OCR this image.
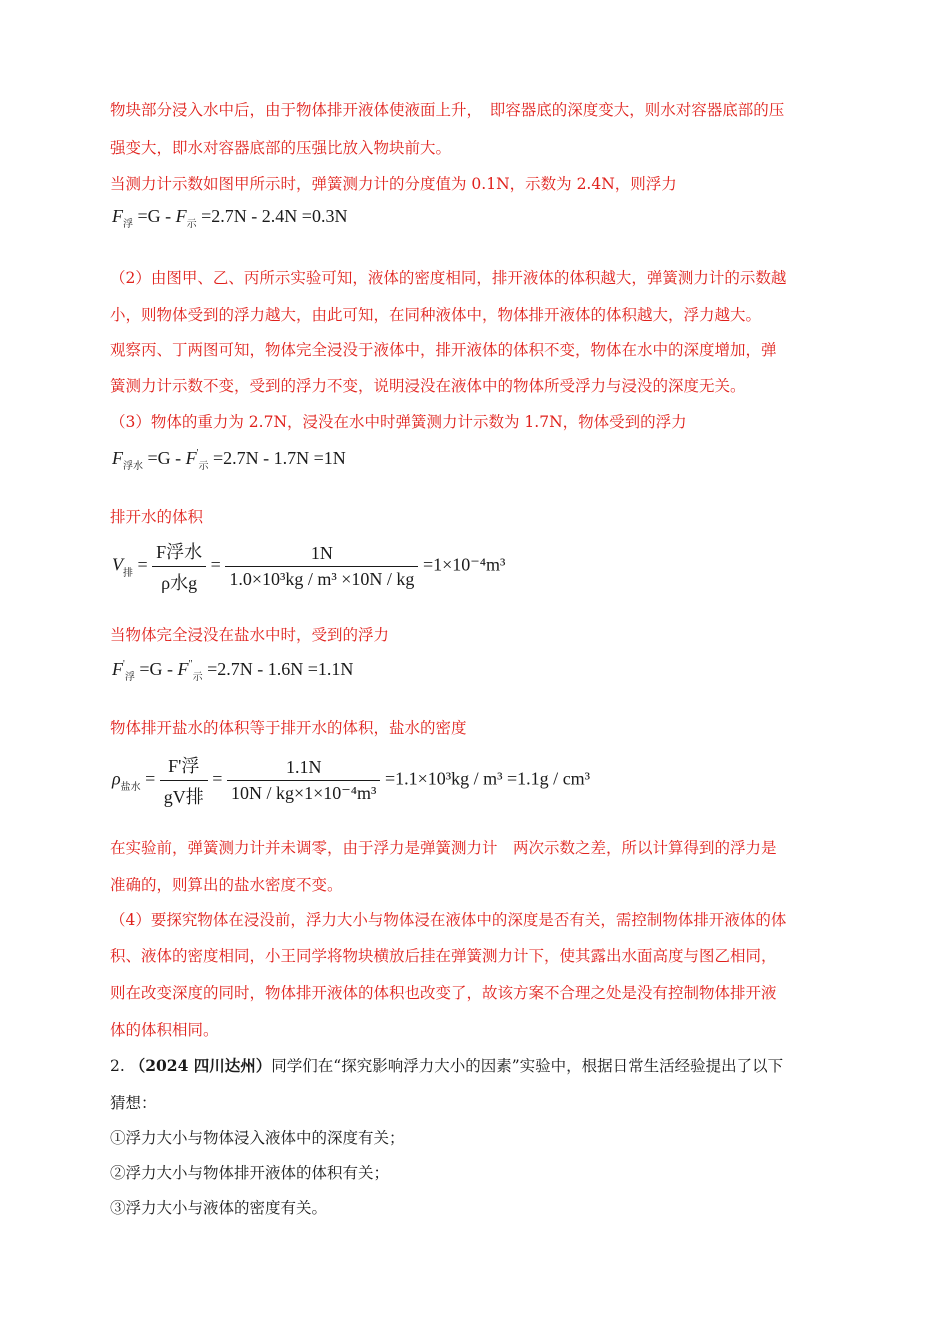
物块部分浸入水中后，由于物体排开液体使液面上升，　即容器底的深度变大，则水对容器底部的压
强变大，即水对容器底部的压强比放入物块前大。
当测力计示数如图甲所示时，弹簧测力计的分度值为 0.1N，示数为 2.4N，则浮力
$F_浮 =G - F_示 =2.7N - 2.4N =0.3N$
（2）由图甲、乙、丙所示实验可知，液体的密度相同，排开液体的体积越大，弹簧测力计的示数越
小，则物体受到的浮力越大，由此可知，在同种液体中，物体排开液体的体积越大，浮力越大。
观察丙、丁两图可知，物体完全浸没于液体中，排开液体的体积不变，物体在水中的深度增加，弹
簧测力计示数不变，受到的浮力不变，说明浸没在液体中的物体所受浮力与浸没的深度无关。
（3）物体的重力为 2.7N，浸没在水中时弹簧测力计示数为 1.7N，物体受到的浮力
$F_{浮水} =G - F'_示 =2.7N - 1.7N =1N$
排开水的体积
$V_排 = \frac{\text{F浮水}}{\text{ρ水g}} = \frac{1N}{\text{1.0×10³kg / m³ ×10N / kg}} =1\times 10^{-4}m^3$
当物体完全浸没在盐水中时，受到的浮力
$F'_浮 =G - F^"_示 =2.7N - 1.6N =1.1N$
物体排开盐水的体积等于排开水的体积，盐水的密度
$\rho_{盐水} = \frac{\text{F'浮}}{\text{gV排}} = \frac{1.1N}{\text{10N / kg×1×10⁻⁴m³}} =1.1\times 10^3kg / m^3 =1.1g / cm^3$
在实验前，弹簧测力计并未调零，由于浮力是弹簧测力计　两次示数之差，所以计算得到的浮力是
准确的，则算出的盐水密度不变。
（4）要探究物体在浸没前，浮力大小与物体浸在液体中的深度是否有关，需控制物体排开液体的体
积、液体的密度相同，小王同学将物块横放后挂在弹簧测力计下，使其露出水面高度与图乙相同，
则在改变深度的同时，物体排开液体的体积也改变了，故该方案不合理之处是没有控制物体排开液
体的体积相同。
2. （2024 四川达州）同学们在“探究影响浮力大小的因素”实验中，根据日常生活经验提出了以下
猜想：
①浮力大小与物体浸入液体中的深度有关；
②浮力大小与物体排开液体的体积有关；
③浮力大小与液体的密度有关。
